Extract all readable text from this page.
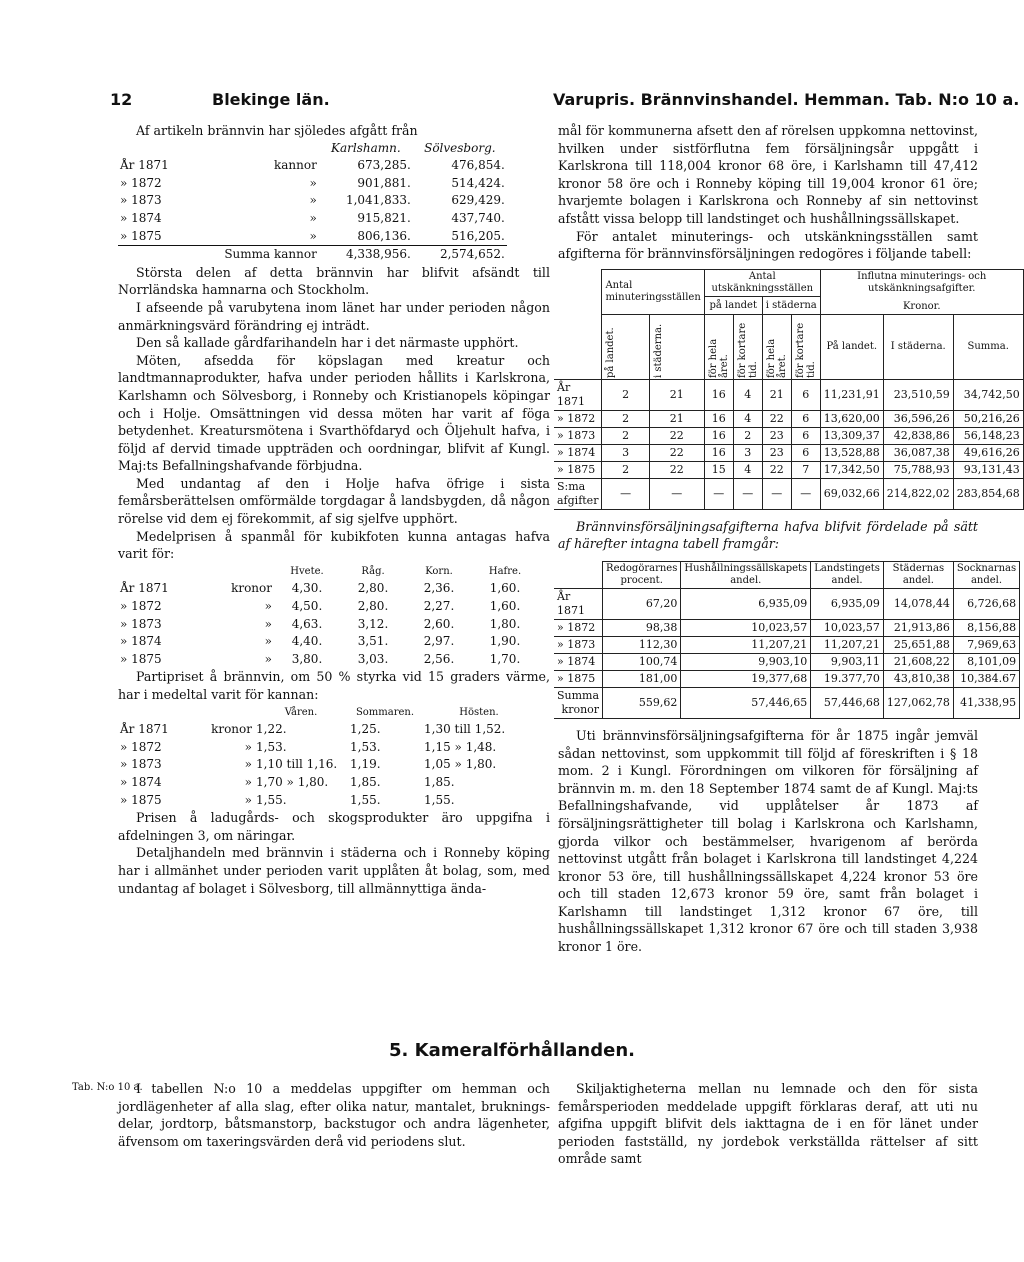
12	Blekinge län.	Varupris. Brännvinshandel. Hemman. Tab. N:o 10 a.

Af artikeln brännvin har sjöledes afgått från

		Karlshamn.	Sölvesborg.
År 1871	kannor	673,285.	476,854.
» 1872	»	901,881.	514,424.
» 1873	»	1,041,833.	629,429.
» 1874	»	915,821.	437,740.
» 1875	»	806,136.	516,205.
Summa kannor		4,338,956.	2,574,652.

Största delen af detta brännvin har blifvit afsändt till Norrländska hamnarna och Stockholm.

I afseende på varubytena inom länet har under perioden någon anmärkningsvärd förändring ej inträdt.

Den så kallade gårdfarihandeln har i det närmaste upphört.

Möten, afsedda för köpslagan med kreatur och landtmannaprodukter, hafva under perioden hållits i Karlskrona, Karlshamn och Sölvesborg, i Ronneby och Kristianopels köpingar och i Holje. Omsättningen vid dessa möten har varit af föga betydenhet. Kreatursmötena i Svarthöfdaryd och Öljehult hafva, i följd af dervid timade uppträden och oordningar, blifvit af Kungl. Maj:ts Befallningshafvande förbjudna.

Med undantag af den i Holje hafva öfrige i sista femårsberättelsen omförmälde torgdagar å landsbygden, då någon rörelse vid dem ej förekommit, af sig sjelfve upphört.

Medelprisen å spanmål för kubikfoten kunna antagas hafva varit för:

		Hvete.	Råg.	Korn.	Hafre.
År 1871	kronor	4,30.	2,80.	2,36.	1,60.
» 1872	»	4,50.	2,80.	2,27.	1,60.
» 1873	»	4,63.	3,12.	2,60.	1,80.
» 1874	»	4,40.	3,51.	2,97.	1,90.
» 1875	»	3,80.	3,03.	2,56.	1,70.

Partipriset å brännvin, om 50 % styrka vid 15 graders värme, har i medeltal varit för kannan:

		Våren.	Sommaren.	Hösten.
År 1871	kronor	1,22.	1,25.	1,30 till 1,52.
» 1872	»	1,53.	1,53.	1,15 » 1,48.
» 1873	»	1,10 till 1,16.	1,19.	1,05 » 1,80.
» 1874	»	1,70 » 1,80.	1,85.	1,85.
» 1875	»	1,55.	1,55.	1,55.

Prisen å ladugårds- och skogsprodukter äro uppgifna i afdelningen 3, om näringar.

Detaljhandeln med brännvin i städerna och i Ronneby köping har i allmänhet under perioden varit upplåten åt bolag, som, med undantag af bolaget i Sölvesborg, till allmännyttiga ända-

mål för kommunerna afsett den af rörelsen uppkomna nettovinst, hvilken under sistförflutna fem försäljningsår uppgått i Karlskrona till 118,004 kronor 68 öre, i Karlshamn till 47,412 kronor 58 öre och i Ronneby köping till 19,004 kronor 61 öre; hvarjemte bolagen i Karlskrona och Ronneby af sin nettovinst afstått vissa belopp till landstinget och hushållningssällskapet.

För antalet minuterings- och utskänkningsställen samt afgifterna för brännvinsförsäljningen redogöres i följande tabell:

	Antal minuteringsställen		Antal utskänkningsställen				Influtna minuterings- och utskänkningsafgifter.
Kronor.		

			på landet		i städerna				

	på landet.	i städerna.	för hela året.	för kortare tid.	för hela året.	för kortare tid.	På landet.	I städerna.	Summa.
År 1871	2	21	16	4	21	6	11,231,91	23,510,59	34,742,50
» 1872	2	21	16	4	22	6	13,620,00	36,596,26	50,216,26
» 1873	2	22	16	2	23	6	13,309,37	42,838,86	56,148,23
» 1874	3	22	16	3	23	6	13,528,88	36,087,38	49,616,26
» 1875	2	22	15	4	22	7	17,342,50	75,788,93	93,131,43
S:ma afgifter	—	—	—	—	—	—	69,032,66	214,822,02	283,854,68

Brännvinsförsäljningsafgifterna hafva blifvit fördelade på sätt af härefter intagna tabell framgår:

	Redogörarnes procent.	Hushållningssällskapets andel.	Landstingets andel.	Städernas andel.	Socknarnas andel.
År 1871	67,20	6,935,09	6,935,09	14,078,44	6,726,68
» 1872	98,38	10,023,57	10,023,57	21,913,86	8,156,88
» 1873	112,30	11,207,21	11,207,21	25,651,88	7,969,63
» 1874	100,74	9,903,10	9,903,11	21,608,22	8,101,09
» 1875	181,00	19,377,68	19.377,70	43,810,38	10,384.67
Summa kronor	559,62	57,446,65	57,446,68	127,062,78	41,338,95

Uti brännvinsförsäljningsafgifterna för år 1875 ingår jemväl sådan nettovinst, som uppkommit till följd af föreskriften i § 18 mom. 2 i Kungl. Förordningen om vilkoren för försäljning af brännvin m. m. den 18 September 1874 samt de af Kungl. Maj:ts Befallningshafvande, vid upplåtelser år 1873 af försäljningsrättigheter till bolag i Karlskrona och Karlshamn, gjorda vilkor och bestämmelser, hvarigenom af berörda nettovinst utgått från bolaget i Karlskrona till landstinget 4,224 kronor 53 öre, till hushållningssällskapet 4,224 kronor 53 öre och till staden 12,673 kronor 59 öre, samt från bolaget i Karlshamn till landstinget 1,312 kronor 67 öre, till hushållningssällskapet 1,312 kronor 67 öre och till staden 3,938 kronor 1 öre.

5. Kameralförhållanden.
Tab. N:o 10 a.

I tabellen N:o 10 a meddelas uppgifter om hemman och jordlägenheter af alla slag, efter olika natur, mantalet, bruknings-delar, jordtorp, båtsmanstorp, backstugor och andra lägenheter, äfvensom om taxeringsvärden derå vid periodens slut.

Skiljaktigheterna mellan nu lemnade och den för sista femårsperioden meddelade uppgift förklaras deraf, att uti nu afgifna uppgift blifvit dels iakttagna de i en för länet under perioden fastställd, ny jordebok verkställda rättelser af sitt område samt
